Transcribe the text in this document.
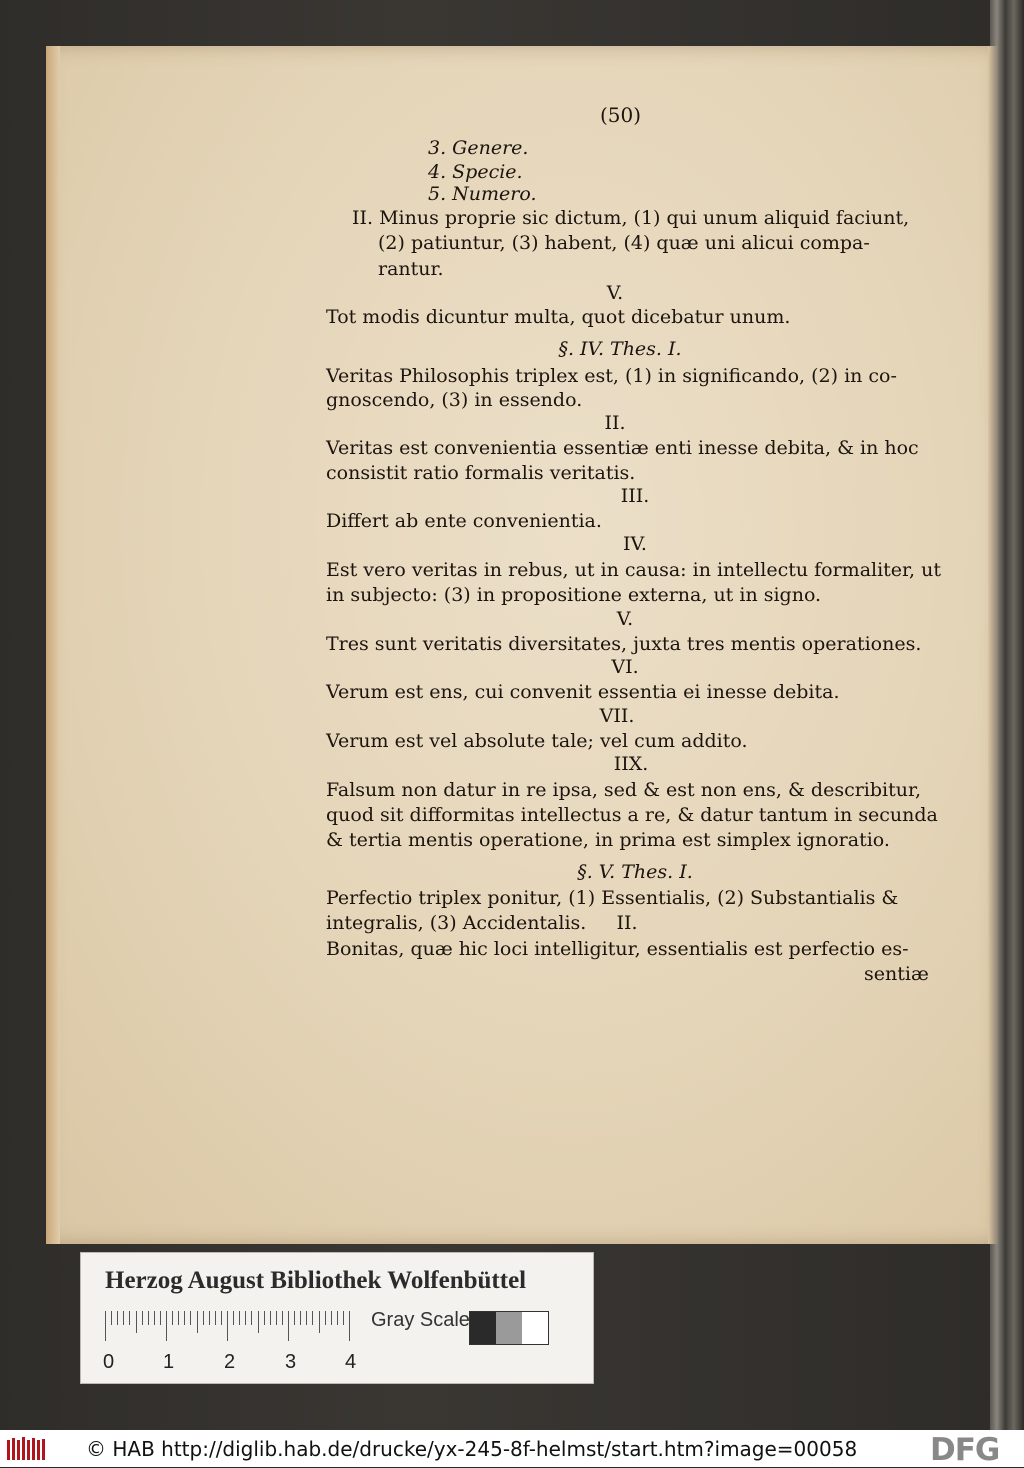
(50)
3. Genere.
4. Specie.
5. Numero.
II. Minus proprie sic dictum, (1) qui unum aliquid faciunt,
(2) patiuntur, (3) habent, (4) quæ uni alicui compa-
rantur.
V.
Tot modis dicuntur multa, quot dicebatur unum.
§. IV. Thes. I.
Veritas Philosophis triplex est, (1) in significando, (2) in co-
gnoscendo, (3) in essendo.
II.
Veritas est convenientia essentiæ enti inesse debita, & in hoc
consistit ratio formalis veritatis.
III.
Differt ab ente convenientia.
IV.
Est vero veritas in rebus, ut in causa: in intellectu formaliter, ut
in subjecto: (3) in propositione externa, ut in signo.
V.
Tres sunt veritatis diversitates, juxta tres mentis operationes.
VI.
Verum est ens, cui convenit essentia ei inesse debita.
VII.
Verum est vel absolute tale; vel cum addito.
IIX.
Falsum non datur in re ipsa, sed & est non ens, & describitur,
quod sit difformitas intellectus a re, & datur tantum in secunda
& tertia mentis operatione, in prima est simplex ignoratio.
§. V. Thes. I.
Perfectio triplex ponitur, (1) Essentialis, (2) Substantialis &
integralis, (3) Accidentalis.     II.
Bonitas, quæ hic loci intelligitur, essentialis est perfectio es-
sentiæ
Herzog August Bibliothek Wolfenbüttel
0 1 2 3 4
Gray Scale
© HAB http://diglib.hab.de/drucke/yx-245-8f-helmst/start.htm?image=00058 DFG
